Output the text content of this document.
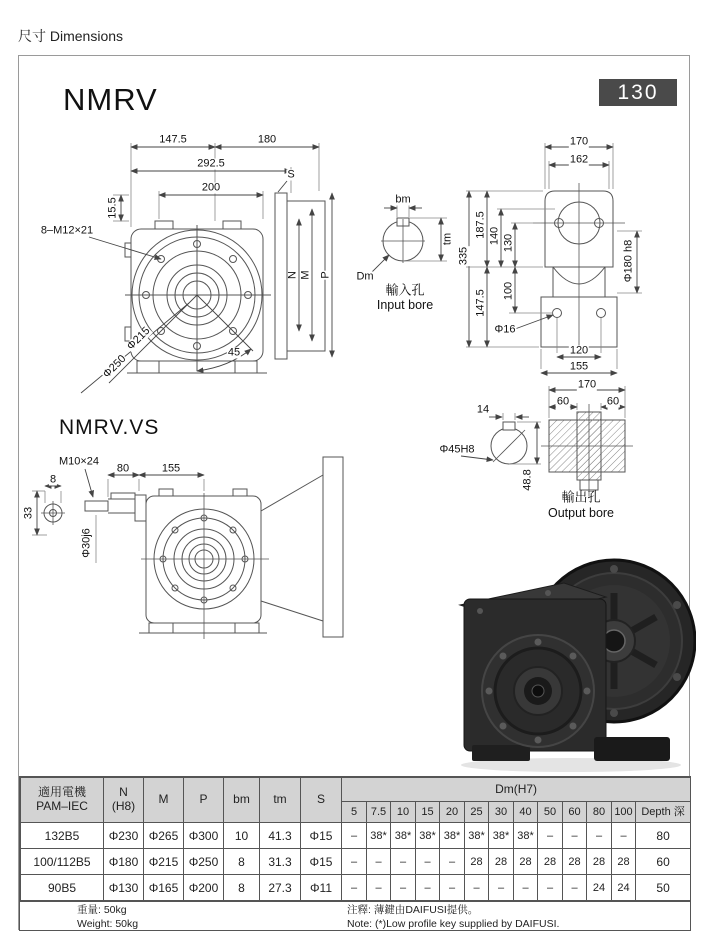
尺寸 Dimensions
NMRV	130
NMRV.VS
147.5	180
292.5
200
15.5
S
N M P
8–M12×21
Φ215
Φ250
45
bm
tm
Dm
輸入孔
Input bore
170
162
187.5 140 130
335
147.5 100
Φ180 h8
Φ16
120
155
170
60	60
14
Φ45H8
48.8
輸出孔
Output bore
M10×24
80	155
8
33
Φ30j6
適用電機
PAM–IEC

N
(H8)	M	P	bm	tm	S	Dm(H7)
							5	7.5	10	15	20	25	30	40	50	60	80	100	Depth 深
132B5	Φ230	Φ265	Φ300	10	41.3	Φ15	–	38*	38*	38*	38*	38*	38*	38*	–	–	–	–	80
100/112B5	Φ180	Φ215	Φ250	8	31.3	Φ15	–	–	–	–	–	28	28	28	28	28	28	28	60
90B5	Φ130	Φ165	Φ200	8	27.3	Φ11	–	–	–	–	–	–	–	–	–	–	24	24	50
重量: 50kg
Weight: 50kg
注釋: 薄鍵由DAIFUSI提供。
Note: (*)Low profile key supplied by DAIFUSI.
